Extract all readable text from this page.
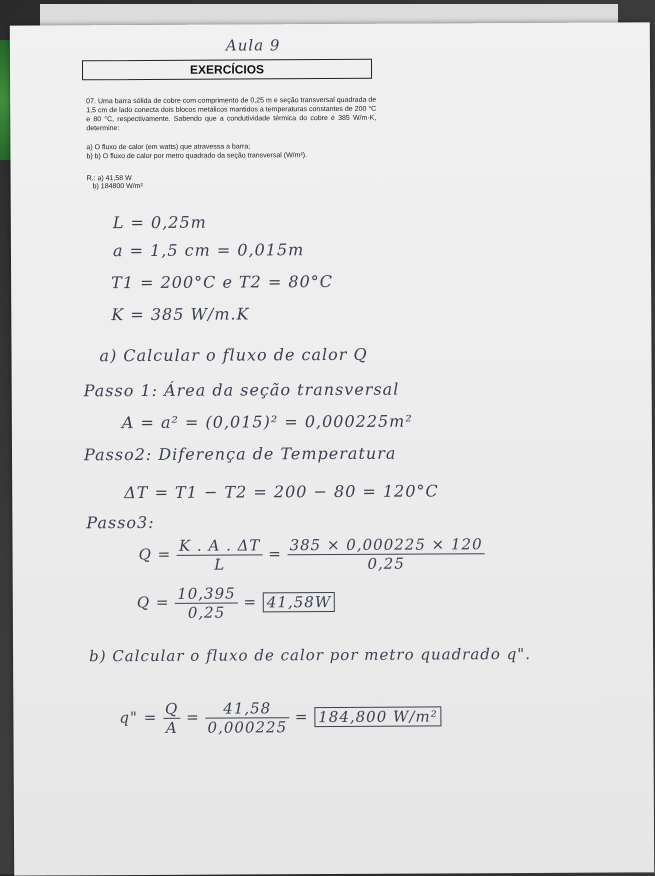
Aula 9
EXERCÍCIOS
07. Uma barra sólida de cobre com comprimento de 0,25 m e seção transversal quadrada de 1,5 cm de lado conecta dois blocos metálicos mantidos a temperaturas constantes de 200 °C e 80 °C, respectivamente. Sabendo que a condutividade térmica do cobre é 385 W/m·K, determine:
a) O fluxo de calor (em watts) que atravessa a barra;
b) b) O fluxo de calor por metro quadrado da seção transversal (W/m²).
R.: a) 41,58 W
b) 184800 W/m²
L = 0,25m
a = 1,5 cm = 0,015m
T1 = 200°C e T2 = 80°C
K = 385 W/m.K
a) Calcular o fluxo de calor Q
Passo 1: Área da seção transversal
A = a² = (0,015)² = 0,000225m²
Passo2: Diferença de Temperatura
ΔT = T1 − T2 = 200 − 80 = 120°C
Passo3:
$Q = \frac{K . A . \Delta T}{L} = \frac{385 \times 0,000225 \times 120}{0,25}$
$Q = \frac{10,395}{0,25} = 41,58W$
b) Calcular o fluxo de calor por metro quadrado q".
q" = $\frac{Q}{A} = \frac{41,58}{0,000225} = 184,800$ W/m²
